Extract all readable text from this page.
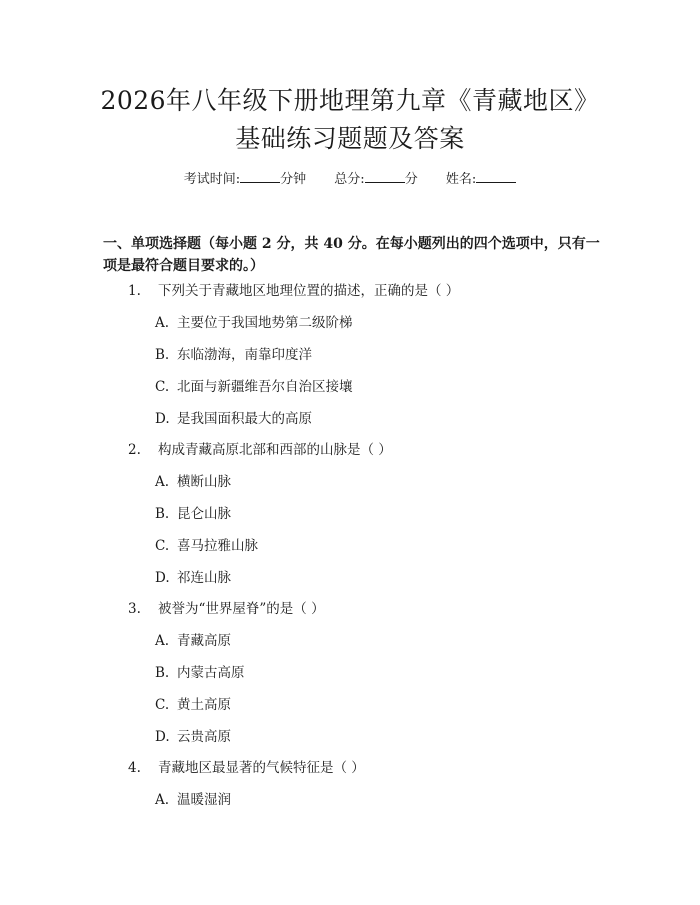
2026年八年级下册地理第九章《青藏地区》
基础练习题题及答案
考试时间:	分钟 总分:	分 姓名:
一、单项选择题（每小题 2 分，共 40 分。在每小题列出的四个选项中，只有一项是最符合题目要求的。）
1. 下列关于青藏地区地理位置的描述，正确的是（ ）
A. 主要位于我国地势第二级阶梯
B. 东临渤海，南靠印度洋
C. 北面与新疆维吾尔自治区接壤
D. 是我国面积最大的高原
2. 构成青藏高原北部和西部的山脉是（ ）
A. 横断山脉
B. 昆仑山脉
C. 喜马拉雅山脉
D. 祁连山脉
3. 被誉为“世界屋脊”的是（ ）
A. 青藏高原
B. 内蒙古高原
C. 黄土高原
D. 云贵高原
4. 青藏地区最显著的气候特征是（ ）
A. 温暖湿润
